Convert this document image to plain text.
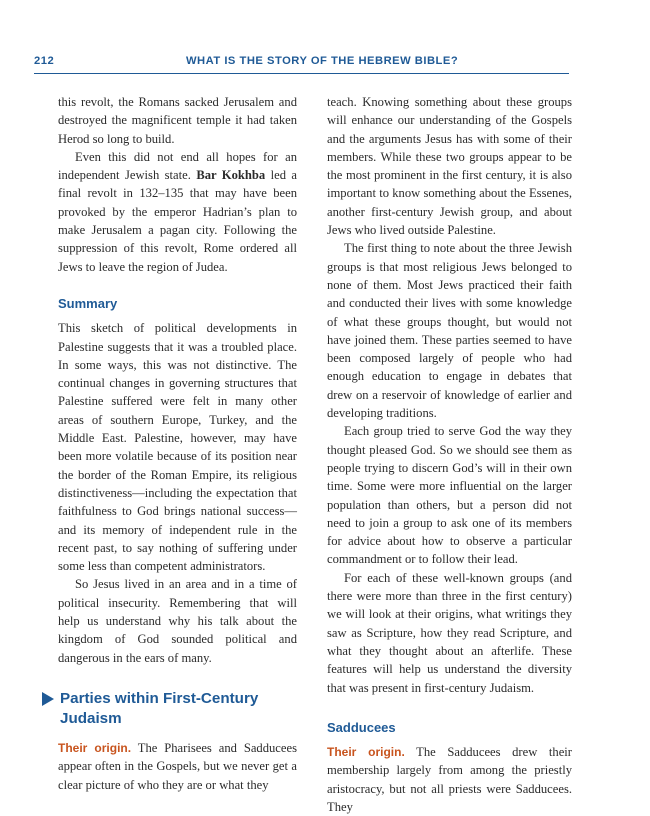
212	WHAT IS THE STORY OF THE HEBREW BIBLE?

this revolt, the Romans sacked Jerusalem and destroyed the magnificent temple it had taken Herod so long to build.

Even this did not end all hopes for an independent Jewish state. Bar Kokhba led a final revolt in 132–135 that may have been provoked by the emperor Hadrian’s plan to make Jerusalem a pagan city. Following the suppression of this revolt, Rome ordered all Jews to leave the region of Judea.

Summary

This sketch of political developments in Palestine suggests that it was a troubled place. In some ways, this was not distinctive. The continual changes in governing structures that Palestine suffered were felt in many other areas of southern Europe, Turkey, and the Middle East. Palestine, however, may have been more volatile because of its position near the border of the Roman Empire, its religious distinctiveness—including the expectation that faithfulness to God brings national success—and its memory of independent rule in the recent past, to say nothing of suffering under some less than competent administrators.

So Jesus lived in an area and in a time of political insecurity. Remembering that will help us understand why his talk about the kingdom of God sounded political and dangerous in the ears of many.

Parties within First-Century
Judaism

Their origin. The Pharisees and Sadducees appear often in the Gospels, but we never get a clear picture of who they are or what they

teach. Knowing something about these groups will enhance our understanding of the Gospels and the arguments Jesus has with some of their members. While these two groups appear to be the most prominent in the first century, it is also important to know something about the Essenes, another first-century Jewish group, and about Jews who lived outside Palestine.

The first thing to note about the three Jewish groups is that most religious Jews belonged to none of them. Most Jews practiced their faith and conducted their lives with some knowledge of what these groups thought, but would not have joined them. These parties seemed to have been composed largely of people who had enough education to engage in debates that drew on a reservoir of knowledge of earlier and developing traditions.

Each group tried to serve God the way they thought pleased God. So we should see them as people trying to discern God’s will in their own time. Some were more influential on the larger population than others, but a person did not need to join a group to ask one of its members for advice about how to observe a particular commandment or to follow their lead.

For each of these well-known groups (and there were more than three in the first century) we will look at their origins, what writings they saw as Scripture, how they read Scripture, and what they thought about an afterlife. These features will help us understand the diversity that was present in first-century Judaism.

Sadducees

Their origin. The Sadducees drew their membership largely from among the priestly aristocracy, but not all priests were Sadducees. They
